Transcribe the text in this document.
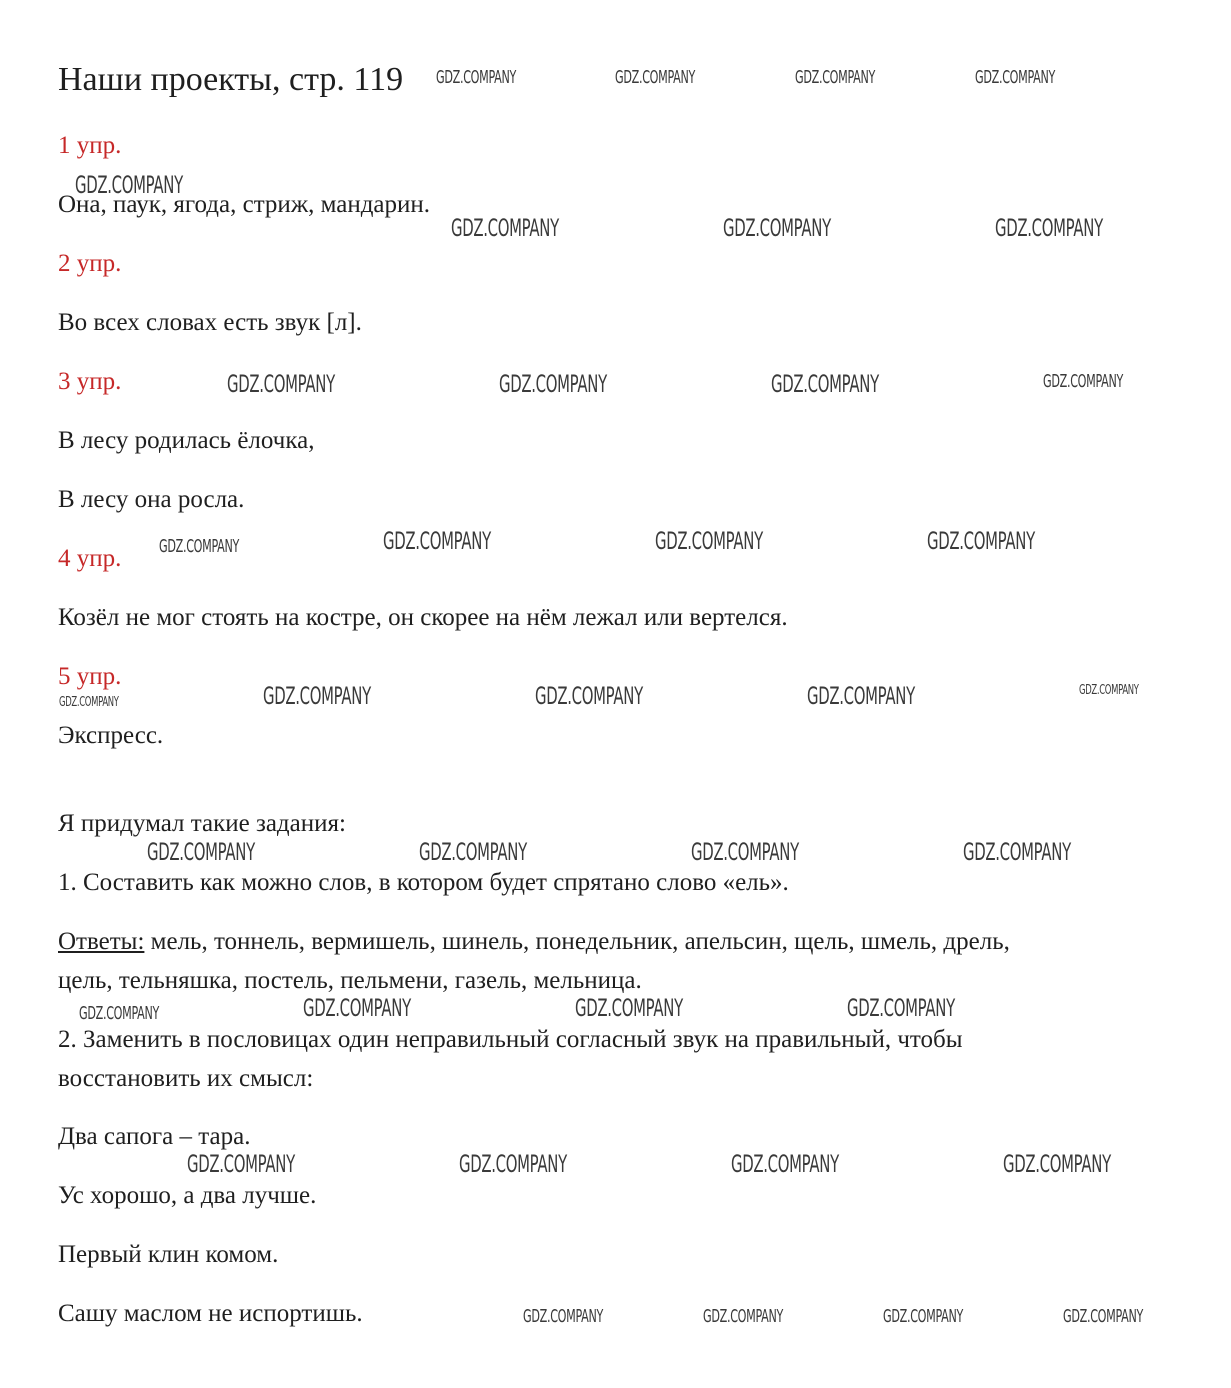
Наши проекты, стр. 119
1 упр.
Она, паук, ягода, стриж, мандарин.
2 упр.
Во всех словах есть звук [л].
3 упр.
В лесу родилась ёлочка,
В лесу она росла.
4 упр.
Козёл не мог стоять на костре, он скорее на нём лежал или вертелся.
5 упр.
Экспресс.
Я придумал такие задания:
1. Составить как можно слов, в котором будет спрятано слово «ель».
Ответы: мель, тоннель, вермишель, шинель, понедельник, апельсин, щель, шмель, дрель,
цель, тельняшка, постель, пельмени, газель, мельница.
2. Заменить в пословицах один неправильный согласный звук на правильный, чтобы
восстановить их смысл:
Два сапога – тара.
Ус хорошо, а два лучше.
Первый клин комом.
Сашу маслом не испортишь.
GDZ.COMPANY	GDZ.COMPANY	GDZ.COMPANY	GDZ.COMPANY
GDZ.COMPANY
GDZ.COMPANY	GDZ.COMPANY	GDZ.COMPANY
GDZ.COMPANY	GDZ.COMPANY	GDZ.COMPANY	GDZ.COMPANY
GDZ.COMPANY	GDZ.COMPANY	GDZ.COMPANY	GDZ.COMPANY
GDZ.COMPANY	GDZ.COMPANY	GDZ.COMPANY	GDZ.COMPANY	GDZ.COMPANY
GDZ.COMPANY	GDZ.COMPANY	GDZ.COMPANY	GDZ.COMPANY
GDZ.COMPANY	GDZ.COMPANY	GDZ.COMPANY	GDZ.COMPANY
GDZ.COMPANY	GDZ.COMPANY	GDZ.COMPANY	GDZ.COMPANY
GDZ.COMPANY	GDZ.COMPANY	GDZ.COMPANY	GDZ.COMPANY
